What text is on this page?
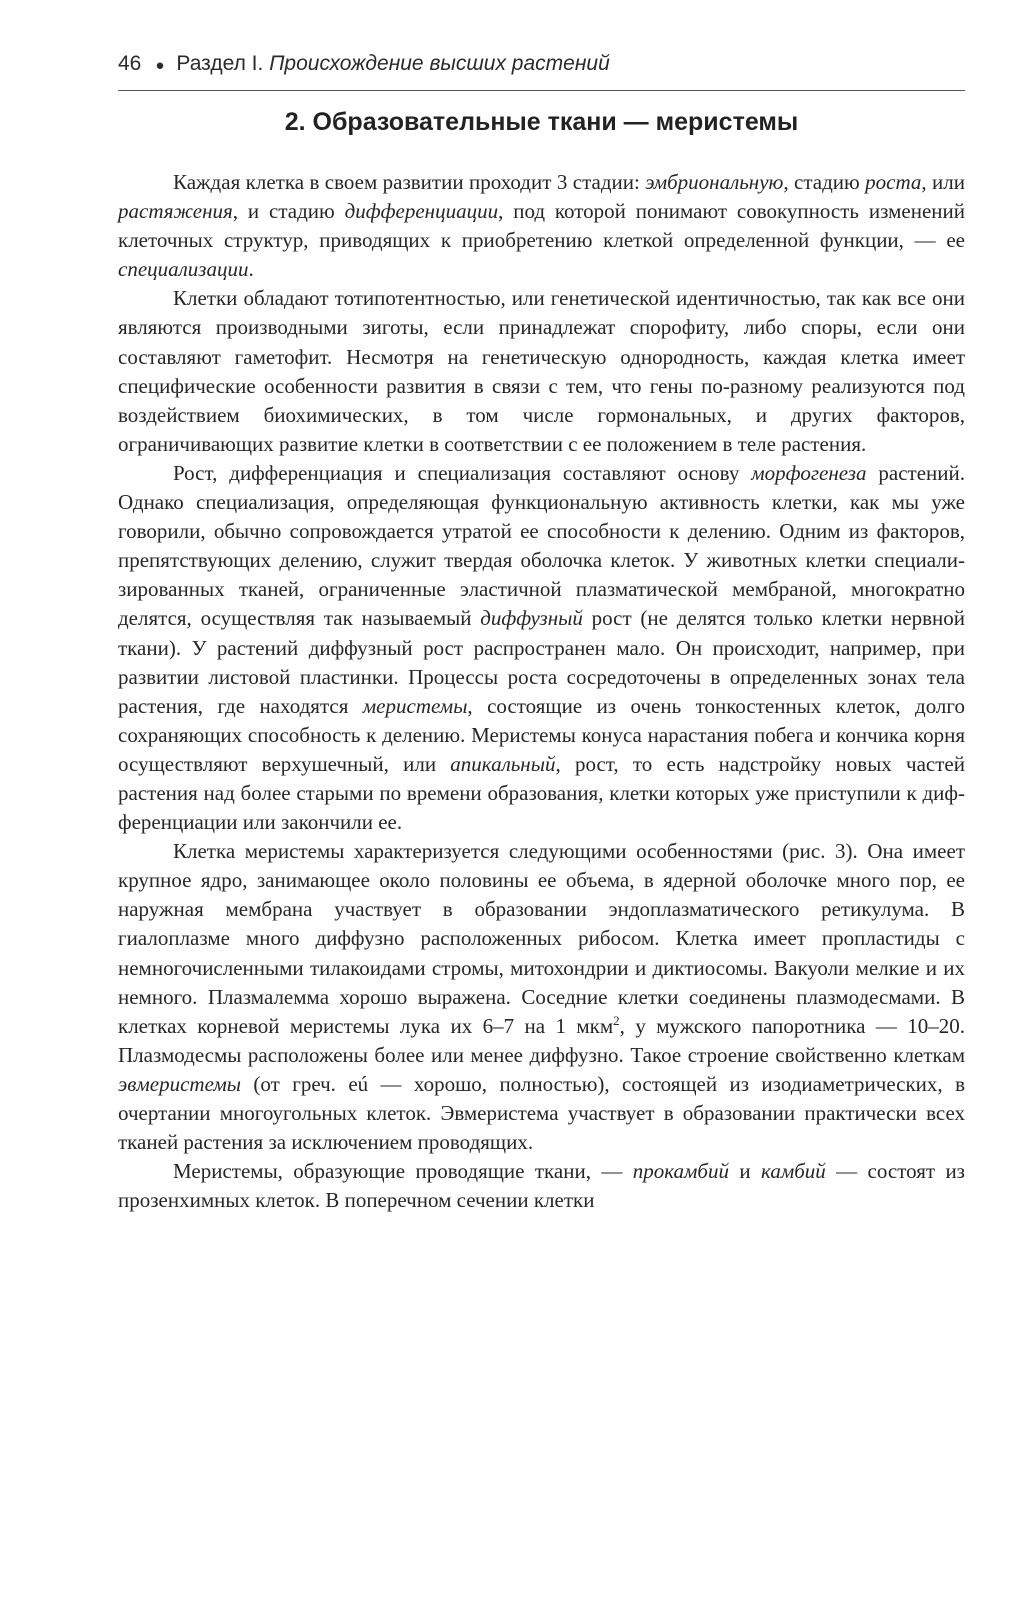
46 ● Раздел I. Происхождение высших растений
2. Образовательные ткани — меристемы

Каждая клетка в своем развитии проходит 3 стадии: эмбриональную, стадию роста, или растяжения, и стадию дифференциации, под которой понимают совокупность изменений клеточных структур, приводящих к приобретению клеткой определенной функции, — ее специализации.

Клетки обладают тотипотентностью, или генетической идентичностью, так как все они являются производными зиготы, если принадлежат спорофиту, либо споры, если они составляют гаметофит. Несмотря на генетическую однородность, каждая клетка имеет специфические особенности развития в связи с тем, что гены по-разному реализуются под воздействием биохимических, в том числе гормональных, и других факторов, ограничивающих развитие клетки в соответствии с ее положением в теле растения.

Рост, дифференциация и специализация составляют основу морфогенеза растений. Однако специализация, определяющая функциональную активность клетки, как мы уже говорили, обычно сопровождается утратой ее способности к делению. Одним из факторов, препятствующих делению, служит твердая оболочка клеток. У животных клетки специализированных тканей, ограниченные эластичной плазматической мембраной, многократно делятся, осуществляя так называемый диффузный рост (не делятся только клетки нервной ткани). У растений диффузный рост распространен мало. Он происходит, например, при развитии листовой пластинки. Процессы роста сосредоточены в определенных зонах тела растения, где находятся меристемы, состоящие из очень тонкостенных клеток, долго сохраняющих способность к делению. Меристемы конуса нарастания побега и кончика корня осуществляют верхушечный, или апикальный, рост, то есть надстройку новых частей растения над более старыми по времени образования, клетки которых уже приступили к дифференциации или закончили ее.

Клетка меристемы характеризуется следующими особенностями (рис. 3). Она имеет крупное ядро, занимающее около половины ее объема, в ядерной оболочке много пор, ее наружная мембрана участвует в образовании эндоплазматического ретикулума. В гиалоплазме много диффузно расположенных рибосом. Клетка имеет пропластиды с немногочисленными тилакоидами стромы, митохондрии и диктиосомы. Вакуоли мелкие и их немного. Плазмалемма хорошо выражена. Соседние клетки соединены плазмодесмами. В клетках корневой меристемы лука их 6–7 на 1 мкм$^2$, у мужского папоротника — 10–20. Плазмодесмы расположены более или менее диффузно. Такое строение свойственно клеткам эвмеристемы (от греч. eú — хорошо, полностью), состоящей из изодиаметрических, в очертании многоугольных клеток. Эвмеристема участвует в образовании практически всех тканей растения за исключением проводящих.

Меристемы, образующие проводящие ткани, — прокамбий и камбий — состоят из прозенхимных клеток. В поперечном сечении клетки
